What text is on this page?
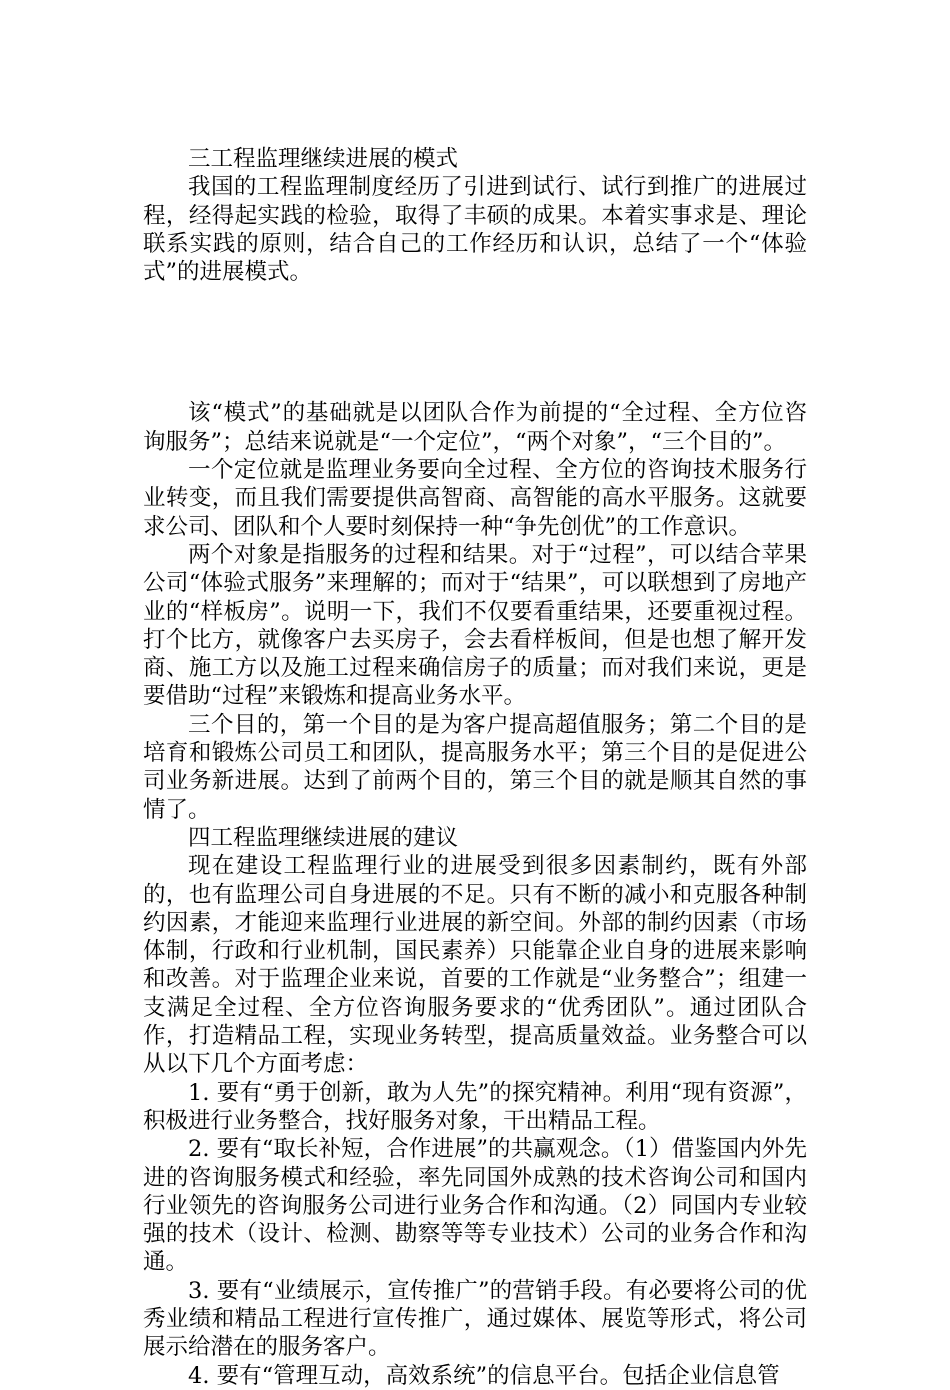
三工程监理继续进展的模式

我国的工程监理制度经历了引进到试行、试行到推广的进展过程，经得起实践的检验，取得了丰硕的成果。本着实事求是、理论联系实践的原则，结合自己的工作经历和认识，总结了一个“体验式”的进展模式。

该“模式”的基础就是以团队合作为前提的“全过程、全方位咨询服务”；总结来说就是“一个定位”，“两个对象”，“三个目的”。

一个定位就是监理业务要向全过程、全方位的咨询技术服务行业转变，而且我们需要提供高智商、高智能的高水平服务。这就要求公司、团队和个人要时刻保持一种“争先创优”的工作意识。

两个对象是指服务的过程和结果。对于“过程”，可以结合苹果公司“体验式服务”来理解的；而对于“结果”，可以联想到了房地产业的“样板房”。说明一下，我们不仅要看重结果，还要重视过程。打个比方，就像客户去买房子，会去看样板间，但是也想了解开发商、施工方以及施工过程来确信房子的质量；而对我们来说，更是要借助“过程”来锻炼和提高业务水平。

三个目的，第一个目的是为客户提高超值服务；第二个目的是培育和锻炼公司员工和团队，提高服务水平；第三个目的是促进公司业务新进展。达到了前两个目的，第三个目的就是顺其自然的事情了。

四工程监理继续进展的建议

现在建设工程监理行业的进展受到很多因素制约，既有外部的，也有监理公司自身进展的不足。只有不断的减小和克服各种制约因素，才能迎来监理行业进展的新空间。外部的制约因素（市场体制，行政和行业机制，国民素养）只能靠企业自身的进展来影响和改善。对于监理企业来说，首要的工作就是“业务整合”；组建一支满足全过程、全方位咨询服务要求的“优秀团队”。通过团队合作，打造精品工程，实现业务转型，提高质量效益。业务整合可以从以下几个方面考虑：

1. 要有“勇于创新，敢为人先”的探究精神。利用“现有资源”，积极进行业务整合，找好服务对象，干出精品工程。

2. 要有“取长补短，合作进展”的共赢观念。（1）借鉴国内外先进的咨询服务模式和经验，率先同国外成熟的技术咨询公司和国内行业领先的咨询服务公司进行业务合作和沟通。（2）同国内专业较强的技术（设计、检测、勘察等等专业技术）公司的业务合作和沟通。

3. 要有“业绩展示，宣传推广”的营销手段。有必要将公司的优秀业绩和精品工程进行宣传推广，通过媒体、展览等形式，将公司展示给潜在的服务客户。

4. 要有“管理互动，高效系统”的信息平台。包括企业信息管
